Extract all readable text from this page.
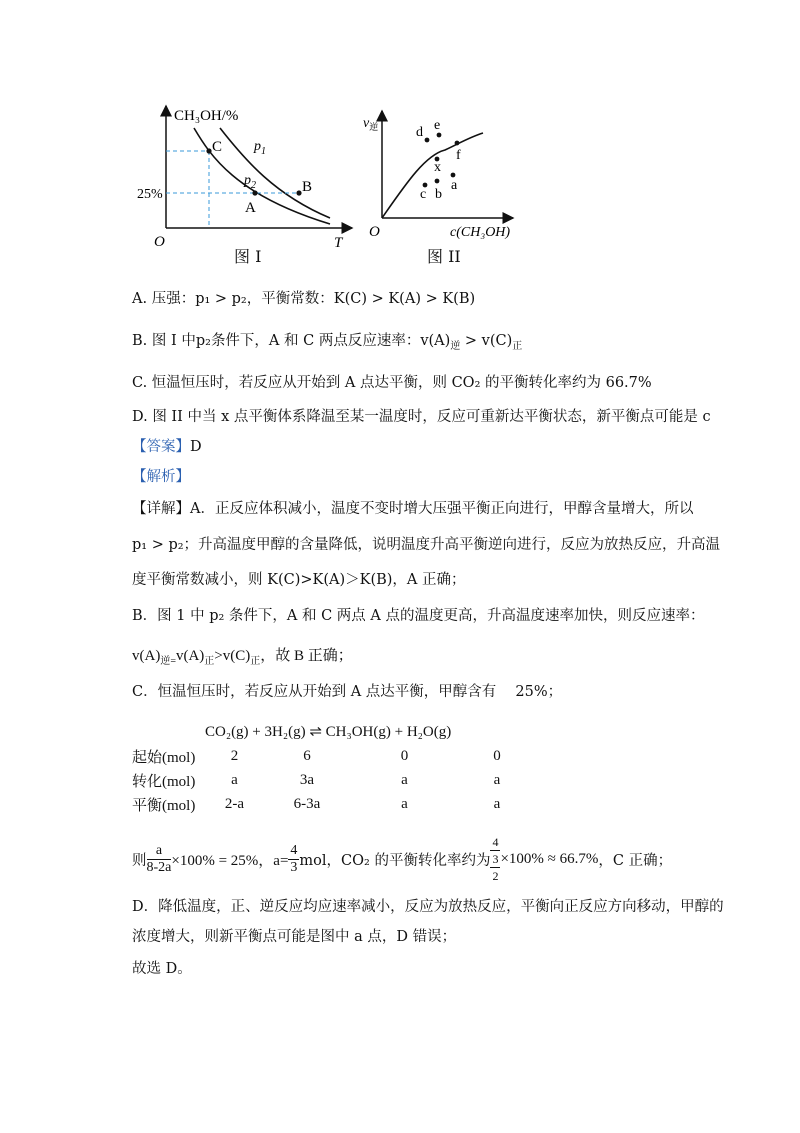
CH₃OH/%
25%
O	T
$p_1$
$p_2$
C
A
B
图 I
$v_逆$	d e
f
x
a
c b
O	c(CH₃OH)
图 II
A. 压强：p₁ > p₂，平衡常数：K(C) > K(A) > K(B)
B. 图 I 中p₂条件下，A 和 C 两点反应速率：$v(A)_逆 > v(C)_正$
C. 恒温恒压时，若反应从开始到 A 点达平衡，则 CO₂ 的平衡转化率约为 66.7%
D. 图 II 中当 x 点平衡体系降温至某一温度时，反应可重新达平衡状态，新平衡点可能是 c
【答案】D
【解析】
【详解】A．正反应体积减小，温度不变时增大压强平衡正向进行，甲醇含量增大，所以
p₁ > p₂；升高温度甲醇的含量降低，说明温度升高平衡逆向进行，反应为放热反应，升高温
度平衡常数减小，则 K(C)>K(A)＞K(B)，A 正确；
B．图 1 中 p₂ 条件下，A 和 C 两点 A 点的温度更高，升高温度速率加快，则反应速率：
$v(A)_{逆=}v(A)_正>v(C)_正$，故 B 正确；
C．恒温恒压时，若反应从开始到 A 点达平衡，甲醇含有　 25%；
CO₂(g) + 3H₂(g) ⇌ CH₃OH(g) + H₂O(g)
起始(mol)	2	6	0	0
转化(mol)	a	3a	a	a
平衡(mol)	2-a	6-3a	a	a
则 $\frac{a}{8-2a} \times 100\% = 25\%$，$a= \frac{4}{3}$ mol，CO₂ 的平衡转化率约为
4
3
2
×100% ≈ 66.7% ，C 正确；
D．降低温度，正、逆反应均应速率减小，反应为放热反应，平衡向正反应方向移动，甲醇的
浓度增大，则新平衡点可能是图中 a 点，D 错误；
故选 D。
